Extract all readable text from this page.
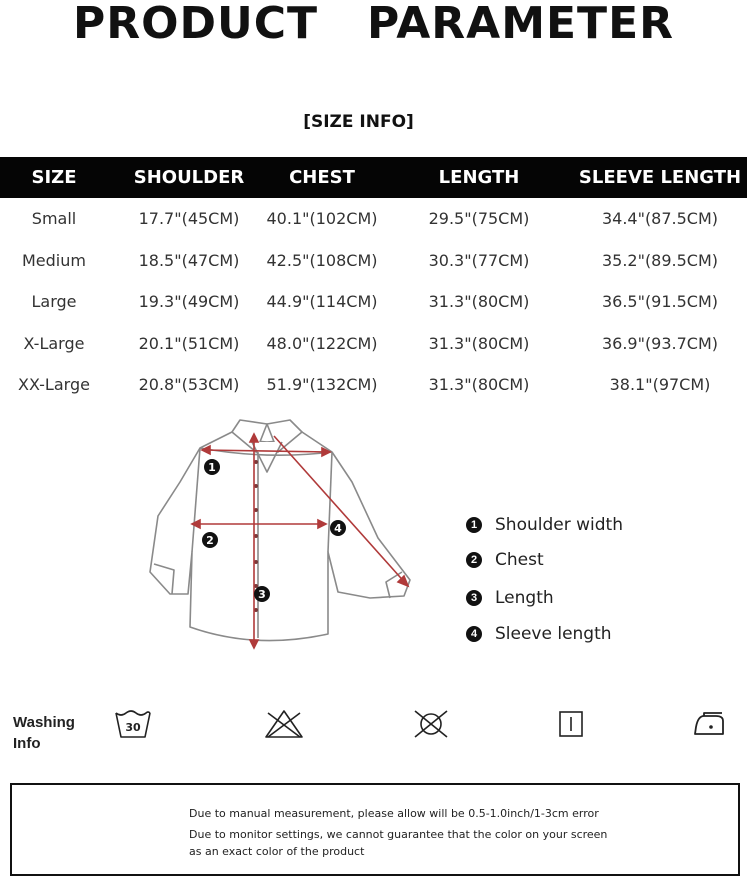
PRODUCT   PARAMETER
[SIZE INFO]
SIZE	SHOULDER	CHEST	LENGTH	SLEEVE LENGTH
Small	17.7"(45CM)	40.1"(102CM)	29.5"(75CM)	34.4"(87.5CM)
Medium	18.5"(47CM)	42.5"(108CM)	30.3"(77CM)	35.2"(89.5CM)
Large	19.3"(49CM)	44.9"(114CM)	31.3"(80CM)	36.5"(91.5CM)
X-Large	20.1"(51CM)	48.0"(122CM)	31.3"(80CM)	36.9"(93.7CM)
XX-Large	20.8"(53CM)	51.9"(132CM)	31.3"(80CM)	38.1"(97CM)
1
2
3
4	1 Shoulder width
2 Chest
3 Length
4 Sleeve length
Washing
Info
30
Due to manual measurement, please allow will be 0.5-1.0inch/1-3cm error
Due to monitor settings, we cannot guarantee that the color on your screen
as an exact color of the product
